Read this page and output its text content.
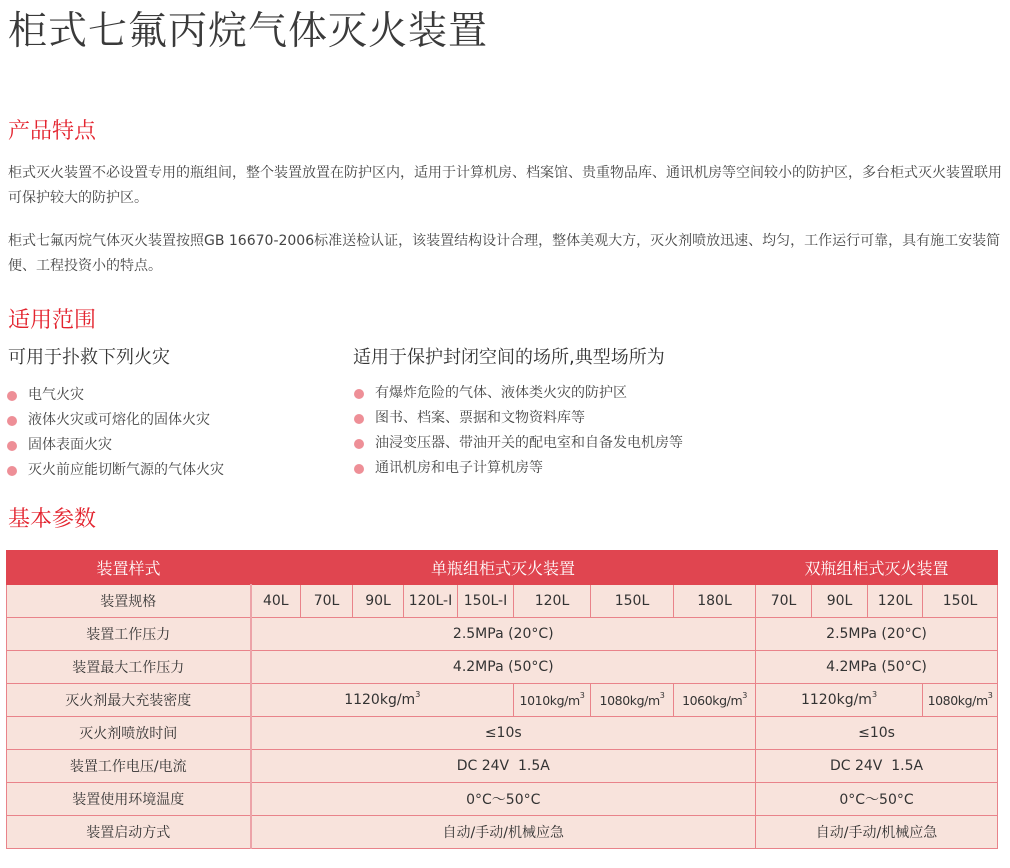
柜式七氟丙烷气体灭火装置
产品特点

柜式灭火装置不必设置专用的瓶组间，整个装置放置在防护区内，适用于计算机房、档案馆、贵重物品库、通讯机房等空间较小的防护区，多台柜式灭火装置联用可保护较大的防护区。

柜式七氟丙烷气体灭火装置按照GB 16670-2006标准送检认证，该装置结构设计合理，整体美观大方，灭火剂喷放迅速、均匀，工作运行可靠，具有施工安装简便、工程投资小的特点。

适用范围
可用于扑救下列火灾
电气火灾
液体火灾或可熔化的固体火灾
固体表面火灾
灭火前应能切断气源的气体火灾
适用于保护封闭空间的场所,典型场所为
有爆炸危险的气体、液体类火灾的防护区
图书、档案、票据和文物资料库等
油浸变压器、带油开关的配电室和自备发电机房等
通讯机房和电子计算机房等
基本参数
装置样式	单瓶组柜式灭火装置								双瓶组柜式灭火装置			
装置规格	40L	70L	90L	120L-I	150L-I	120L	150L	180L	70L	90L	120L	150L
装置工作压力	2.5MPa (20°C)								2.5MPa (20°C)			
装置最大工作压力	4.2MPa (50°C)								4.2MPa (50°C)			
灭火剂最大充装密度	$1120kg/m^3$					$1010kg/m^3$	$1080kg/m^3$	$1060kg/m^3$	$1120kg/m^3$			$1080kg/m^3$
灭火剂喷放时间	≤10s								≤10s			
装置工作电压/电流	DC 24V  1.5A								DC 24V  1.5A			
装置使用环境温度	0°C～50°C								0°C～50°C			
装置启动方式	自动/手动/机械应急								自动/手动/机械应急			
